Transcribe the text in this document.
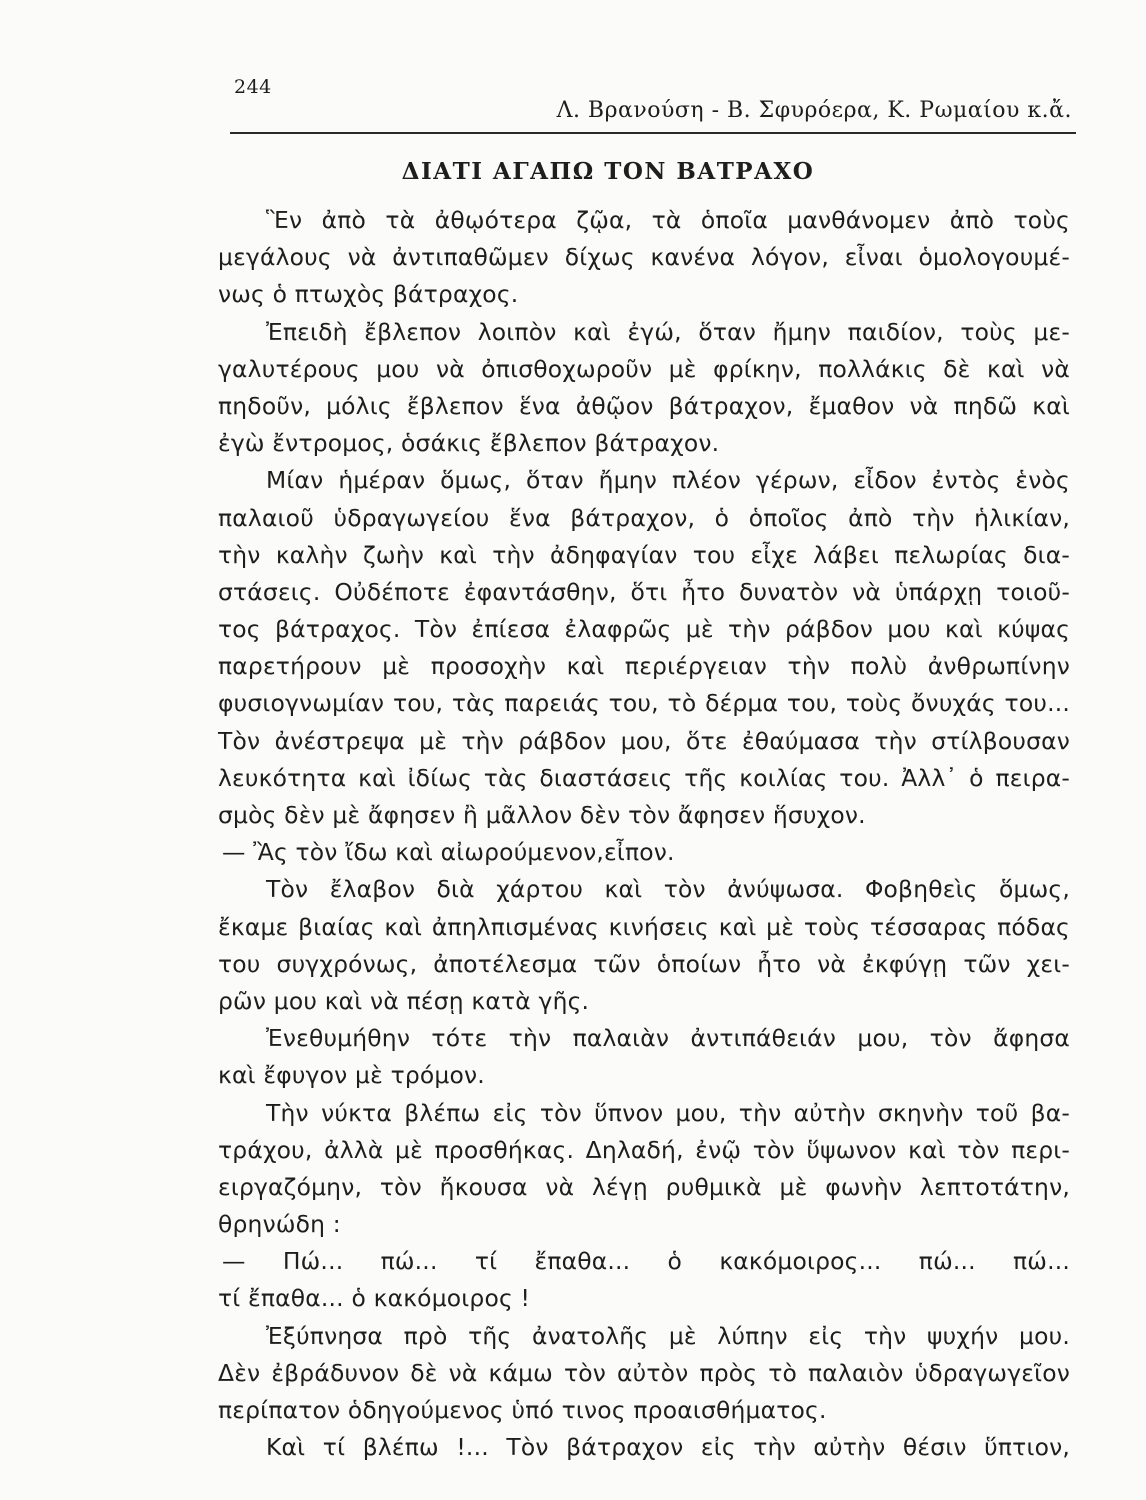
244
Λ. Βρανούση - Β. Σφυρόερα, Κ. Ρωμαίου κ.ἄ.
ΔΙΑΤΙ ΑΓΑΠΩ ΤΟΝ ΒΑΤΡΑΧΟ
Ἓν ἀπὸ τὰ ἀθῳότερα ζῷα, τὰ ὁποῖα μανθάνομεν ἀπὸ τοὺς
μεγάλους νὰ ἀντιπαθῶμεν δίχως κανένα λόγον, εἶναι ὁμολογουμέ-
νως ὁ πτωχὸς βάτραχος.
Ἐπειδὴ ἔβλεπον λοιπὸν καὶ ἐγώ, ὅταν ἤμην παιδίον, τοὺς με-
γαλυτέρους μου νὰ ὀπισθοχωροῦν μὲ φρίκην, πολλάκις δὲ καὶ νὰ
πηδοῦν, μόλις ἔβλεπον ἕνα ἀθῷον βάτραχον, ἔμαθον νὰ πηδῶ καὶ
ἐγὼ ἔντρομος, ὁσάκις ἔβλεπον βάτραχον.
Μίαν ἡμέραν ὅμως, ὅταν ἤμην πλέον γέρων, εἶδον ἐντὸς ἑνὸς
παλαιοῦ ὑδραγωγείου ἕνα βάτραχον, ὁ ὁποῖος ἀπὸ τὴν ἡλικίαν,
τὴν καλὴν ζωὴν καὶ τὴν ἀδηφαγίαν του εἶχε λάβει πελωρίας δια-
στάσεις. Οὐδέποτε ἐφαντάσθην, ὅτι ἦτο δυνατὸν νὰ ὑπάρχῃ τοιοῦ-
τος βάτραχος. Τὸν ἐπίεσα ἐλαφρῶς μὲ τὴν ράβδον μου καὶ κύψας
παρετήρουν μὲ προσοχὴν καὶ περιέργειαν τὴν πολὺ ἀνθρωπίνην
φυσιογνωμίαν του, τὰς παρειάς του, τὸ δέρμα του, τοὺς ὄνυχάς του...
Τὸν ἀνέστρεψα μὲ τὴν ράβδον μου, ὅτε ἐθαύμασα τὴν στίλβουσαν
λευκότητα καὶ ἰδίως τὰς διαστάσεις τῆς κοιλίας του. Ἀλλ᾽ ὁ πειρα-
σμὸς δὲν μὲ ἄφησεν ἢ μᾶλλον δὲν τὸν ἄφησεν ἥσυχον.
— Ἂς τὸν ἴδω καὶ αἰωρούμενον,εἶπον.
Τὸν ἔλαβον διὰ χάρτου καὶ τὸν ἀνύψωσα. Φοβηθεὶς ὅμως,
ἔκαμε βιαίας καὶ ἀπηλπισμένας κινήσεις καὶ μὲ τοὺς τέσσαρας πόδας
του συγχρόνως, ἀποτέλεσμα τῶν ὁποίων ἦτο νὰ ἐκφύγῃ τῶν χει-
ρῶν μου καὶ νὰ πέσῃ κατὰ γῆς.
Ἐνεθυμήθην τότε τὴν παλαιὰν ἀντιπάθειάν μου, τὸν ἄφησα
καὶ ἔφυγον μὲ τρόμον.
Τὴν νύκτα βλέπω εἰς τὸν ὕπνον μου, τὴν αὐτὴν σκηνὴν τοῦ βα-
τράχου, ἀλλὰ μὲ προσθήκας. Δηλαδή, ἐνῷ τὸν ὕψωνον καὶ τὸν περι-
ειργαζόμην, τὸν ἤκουσα νὰ λέγῃ ρυθμικὰ μὲ φωνὴν λεπτοτάτην,
θρηνώδη :
— Πώ... πώ... τί ἔπαθα... ὁ κακόμοιρος... πώ... πώ...
τί ἔπαθα... ὁ κακόμοιρος !
Ἐξύπνησα πρὸ τῆς ἀνατολῆς μὲ λύπην εἰς τὴν ψυχήν μου.
Δὲν ἐβράδυνον δὲ νὰ κάμω τὸν αὐτὸν πρὸς τὸ παλαιὸν ὑδραγωγεῖον
περίπατον ὁδηγούμενος ὑπό τινος προαισθήματος.
Καὶ τί βλέπω !... Τὸν βάτραχον εἰς τὴν αὐτὴν θέσιν ὕπτιον,
